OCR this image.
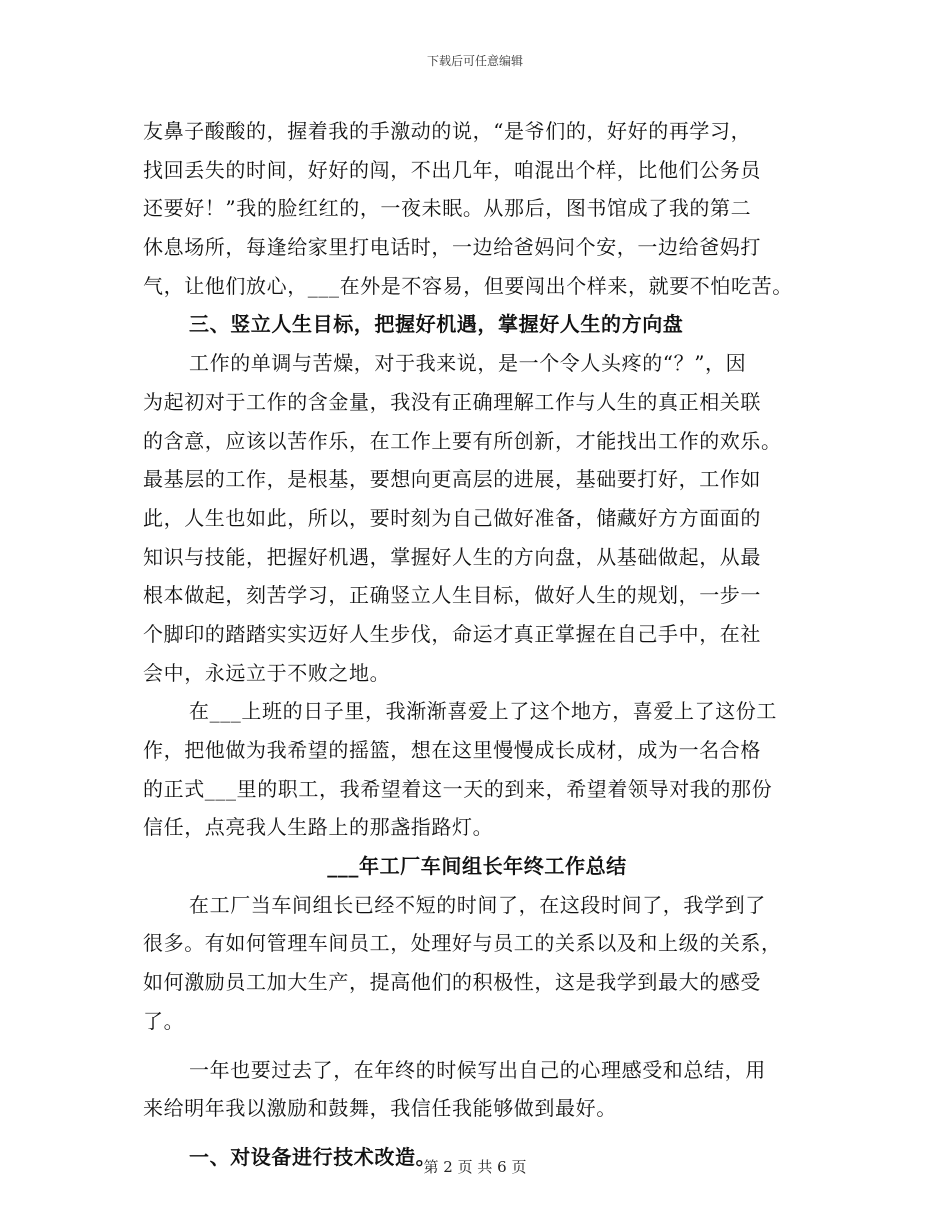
下载后可任意编辑
友鼻子酸酸的，握着我的手激动的说，“是爷们的，好好的再学习，
找回丢失的时间，好好的闯，不出几年，咱混出个样，比他们公务员
还要好！”我的脸红红的，一夜未眠。从那后，图书馆成了我的第二
休息场所，每逢给家里打电话时，一边给爸妈问个安，一边给爸妈打
气，让他们放心，___在外是不容易，但要闯出个样来，就要不怕吃苦。
三、竖立人生目标，把握好机遇，掌握好人生的方向盘
工作的单调与苦燥，对于我来说，是一个令人头疼的“？”，因
为起初对于工作的含金量，我没有正确理解工作与人生的真正相关联
的含意，应该以苦作乐，在工作上要有所创新，才能找出工作的欢乐。
最基层的工作，是根基，要想向更高层的进展，基础要打好，工作如
此，人生也如此，所以，要时刻为自己做好准备，储藏好方方面面的
知识与技能，把握好机遇，掌握好人生的方向盘，从基础做起，从最
根本做起，刻苦学习，正确竖立人生目标，做好人生的规划，一步一
个脚印的踏踏实实迈好人生步伐，命运才真正掌握在自己手中，在社
会中，永远立于不败之地。
在___上班的日子里，我渐渐喜爱上了这个地方，喜爱上了这份工
作，把他做为我希望的摇篮，想在这里慢慢成长成材，成为一名合格
的正式___里的职工，我希望着这一天的到来，希望着领导对我的那份
信任，点亮我人生路上的那盏指路灯。
___年工厂车间组长年终工作总结
在工厂当车间组长已经不短的时间了，在这段时间了，我学到了
很多。有如何管理车间员工，处理好与员工的关系以及和上级的关系，
如何激励员工加大生产，提高他们的积极性，这是我学到最大的感受
了。
一年也要过去了，在年终的时候写出自己的心理感受和总结，用
来给明年我以激励和鼓舞，我信任我能够做到最好。
一、对设备进行技术改造。
第 2 页 共 6 页
